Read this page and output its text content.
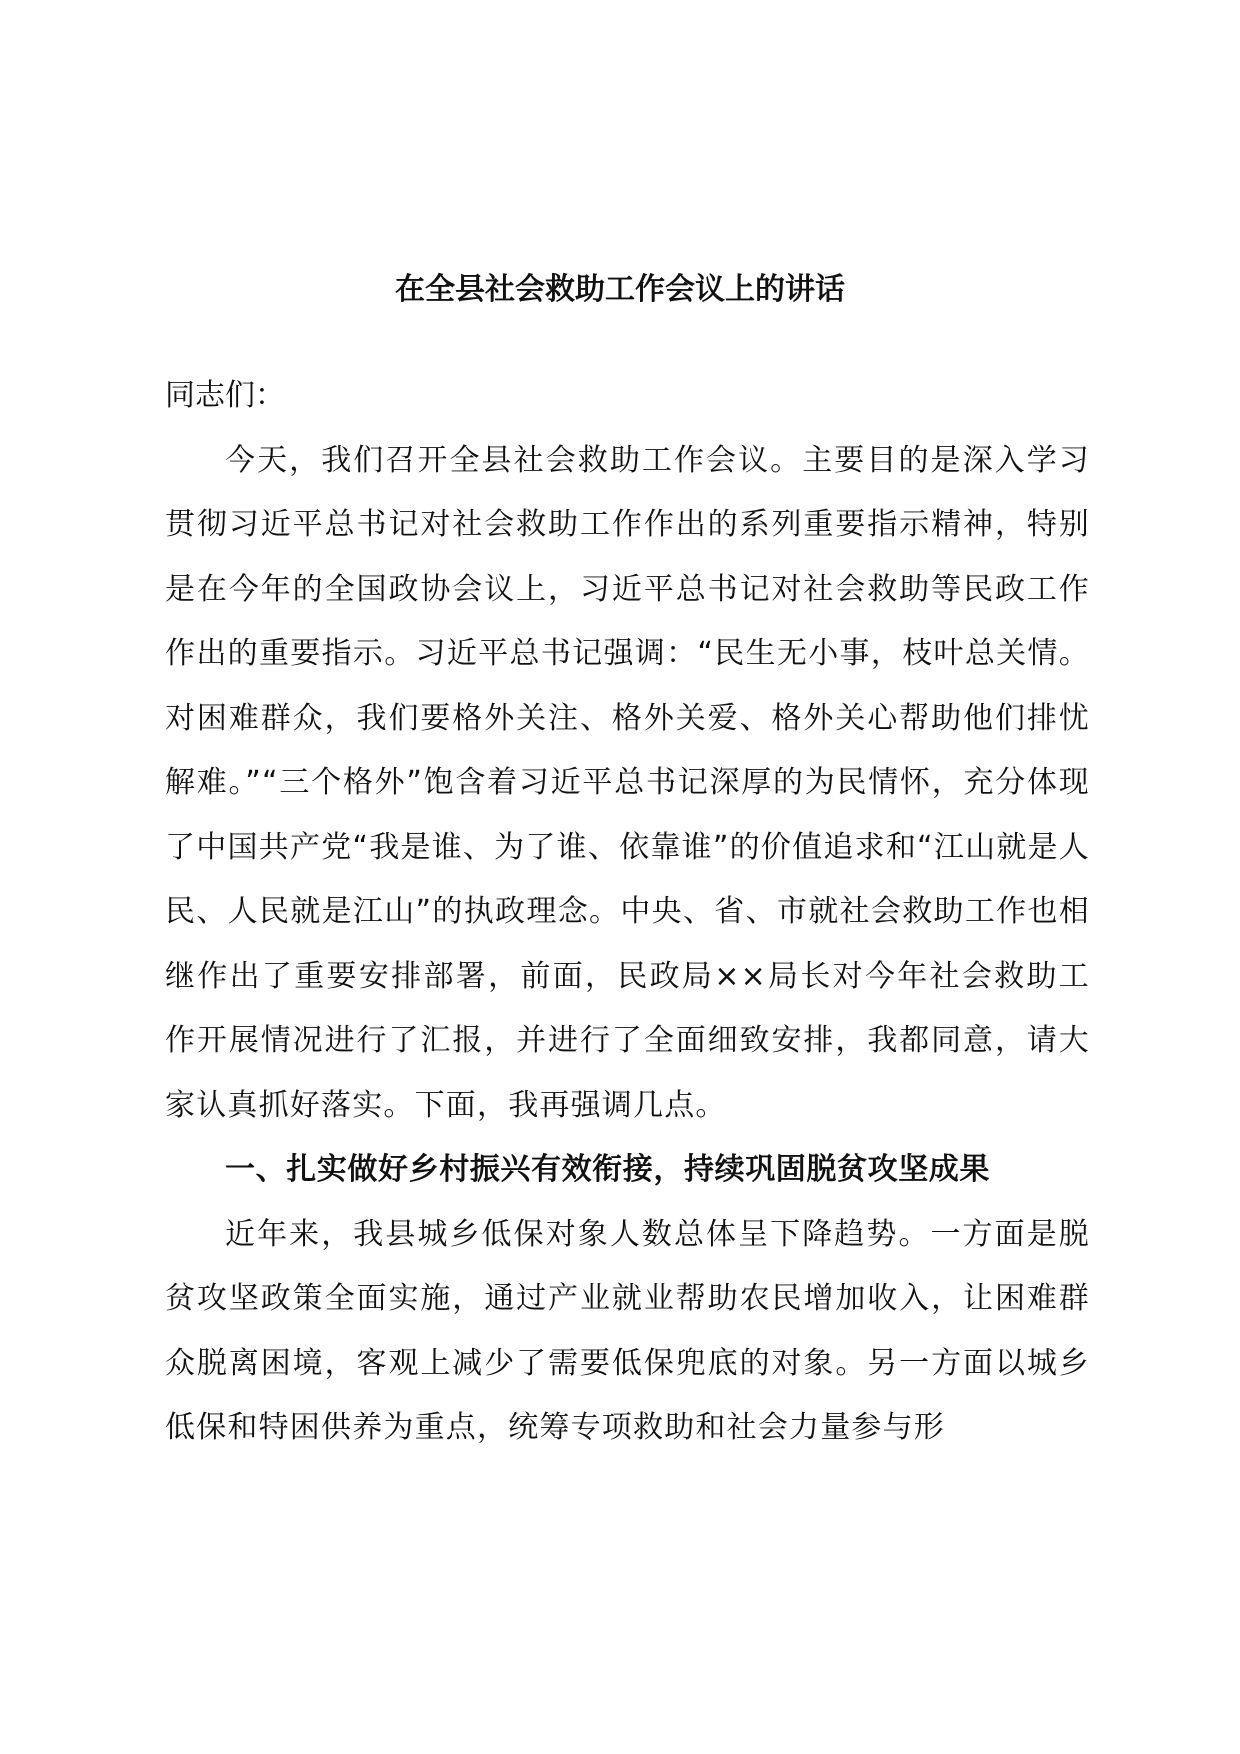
在全县社会救助工作会议上的讲话

同志们：

今天，我们召开全县社会救助工作会议。主要目的是深入学习贯彻习近平总书记对社会救助工作作出的系列重要指示精神，特别是在今年的全国政协会议上，习近平总书记对社会救助等民政工作作出的重要指示。习近平总书记强调：“民生无小事，枝叶总关情。对困难群众，我们要格外关注、格外关爱、格外关心帮助他们排忧解难。”“三个格外”饱含着习近平总书记深厚的为民情怀，充分体现了中国共产党“我是谁、为了谁、依靠谁”的价值追求和“江山就是人民、人民就是江山”的执政理念。中央、省、市就社会救助工作也相继作出了重要安排部署，前面，民政局××局长对今年社会救助工作开展情况进行了汇报，并进行了全面细致安排，我都同意，请大家认真抓好落实。下面，我再强调几点。

一、扎实做好乡村振兴有效衔接，持续巩固脱贫攻坚成果

近年来，我县城乡低保对象人数总体呈下降趋势。一方面是脱贫攻坚政策全面实施，通过产业就业帮助农民增加收入，让困难群众脱离困境，客观上减少了需要低保兜底的对象。另一方面以城乡低保和特困供养为重点，统筹专项救助和社会力量参与形
